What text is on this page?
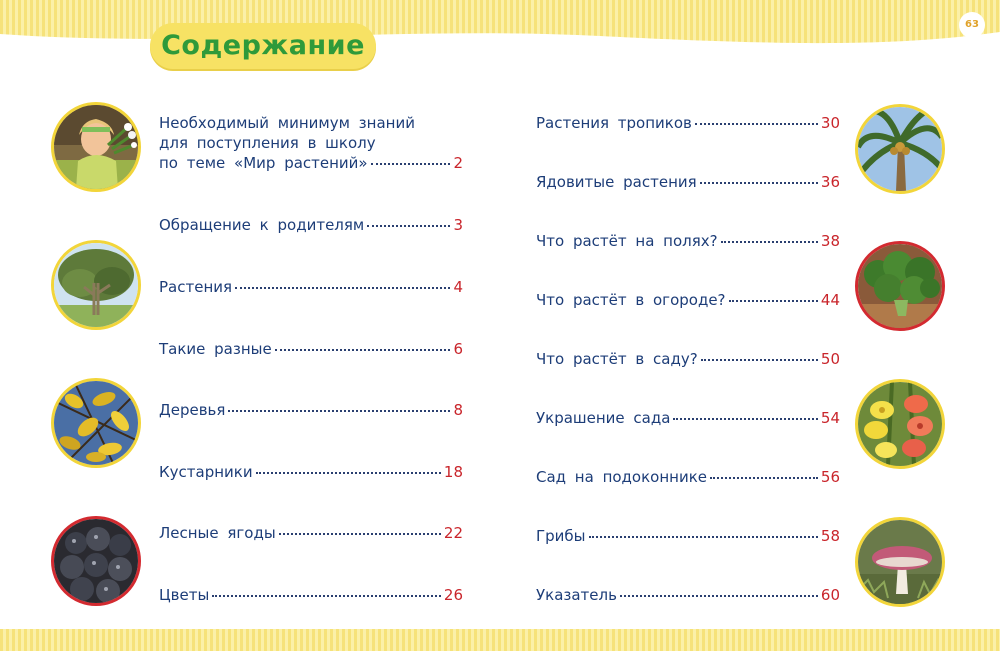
63
Содержание
Необходимый минимум знаний
для поступления в школу
по теме «Мир растений»	2
Обращение к родителям	3
Растения	4
Такие разные	6
Деревья	8
Кустарники	18
Лесные ягоды	22
Цветы	26
Растения тропиков	30
Ядовитые растения	36
Что растёт на полях?	38
Что растёт в огороде?	44
Что растёт в саду?	50
Украшение сада	54
Сад на подоконнике	56
Грибы	58
Указатель	60
